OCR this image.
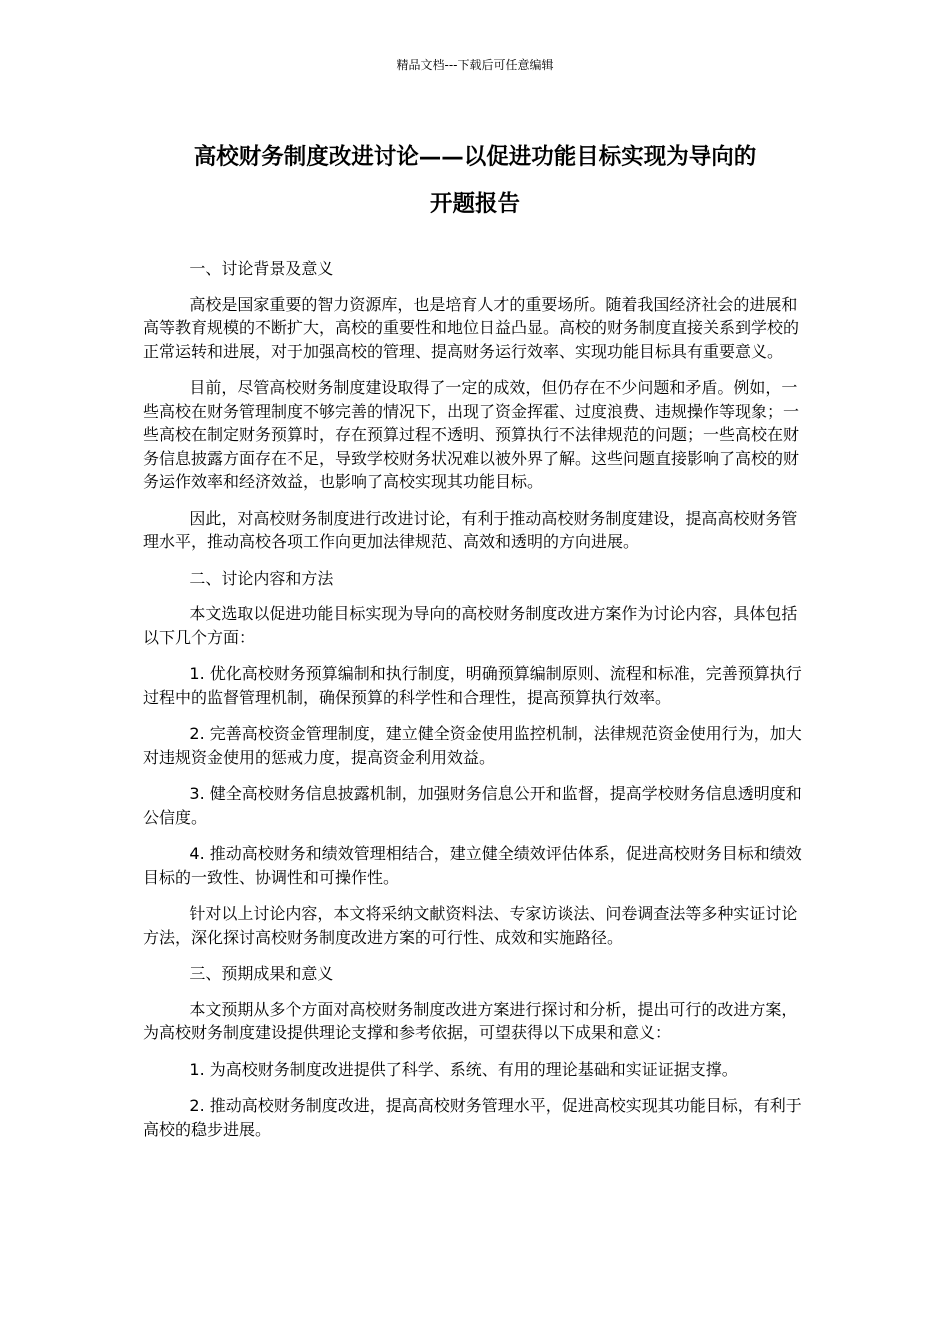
精品文档---下载后可任意编辑
高校财务制度改进讨论——以促进功能目标实现为导向的
开题报告

一、讨论背景及意义

高校是国家重要的智力资源库，也是培育人才的重要场所。随着我国经济社会的进展和高等教育规模的不断扩大，高校的重要性和地位日益凸显。高校的财务制度直接关系到学校的正常运转和进展，对于加强高校的管理、提高财务运行效率、实现功能目标具有重要意义。

目前，尽管高校财务制度建设取得了一定的成效，但仍存在不少问题和矛盾。例如，一些高校在财务管理制度不够完善的情况下，出现了资金挥霍、过度浪费、违规操作等现象；一些高校在制定财务预算时，存在预算过程不透明、预算执行不法律规范的问题；一些高校在财务信息披露方面存在不足，导致学校财务状况难以被外界了解。这些问题直接影响了高校的财务运作效率和经济效益，也影响了高校实现其功能目标。

因此，对高校财务制度进行改进讨论，有利于推动高校财务制度建设，提高高校财务管理水平，推动高校各项工作向更加法律规范、高效和透明的方向进展。

二、讨论内容和方法

本文选取以促进功能目标实现为导向的高校财务制度改进方案作为讨论内容，具体包括以下几个方面：

1. 优化高校财务预算编制和执行制度，明确预算编制原则、流程和标准，完善预算执行过程中的监督管理机制，确保预算的科学性和合理性，提高预算执行效率。

2. 完善高校资金管理制度，建立健全资金使用监控机制，法律规范资金使用行为，加大对违规资金使用的惩戒力度，提高资金利用效益。

3. 健全高校财务信息披露机制，加强财务信息公开和监督，提高学校财务信息透明度和公信度。

4. 推动高校财务和绩效管理相结合，建立健全绩效评估体系，促进高校财务目标和绩效目标的一致性、协调性和可操作性。

针对以上讨论内容，本文将采纳文献资料法、专家访谈法、问卷调查法等多种实证讨论方法，深化探讨高校财务制度改进方案的可行性、成效和实施路径。

三、预期成果和意义

本文预期从多个方面对高校财务制度改进方案进行探讨和分析，提出可行的改进方案，为高校财务制度建设提供理论支撑和参考依据，可望获得以下成果和意义：

1. 为高校财务制度改进提供了科学、系统、有用的理论基础和实证证据支撑。

2. 推动高校财务制度改进，提高高校财务管理水平，促进高校实现其功能目标，有利于高校的稳步进展。
